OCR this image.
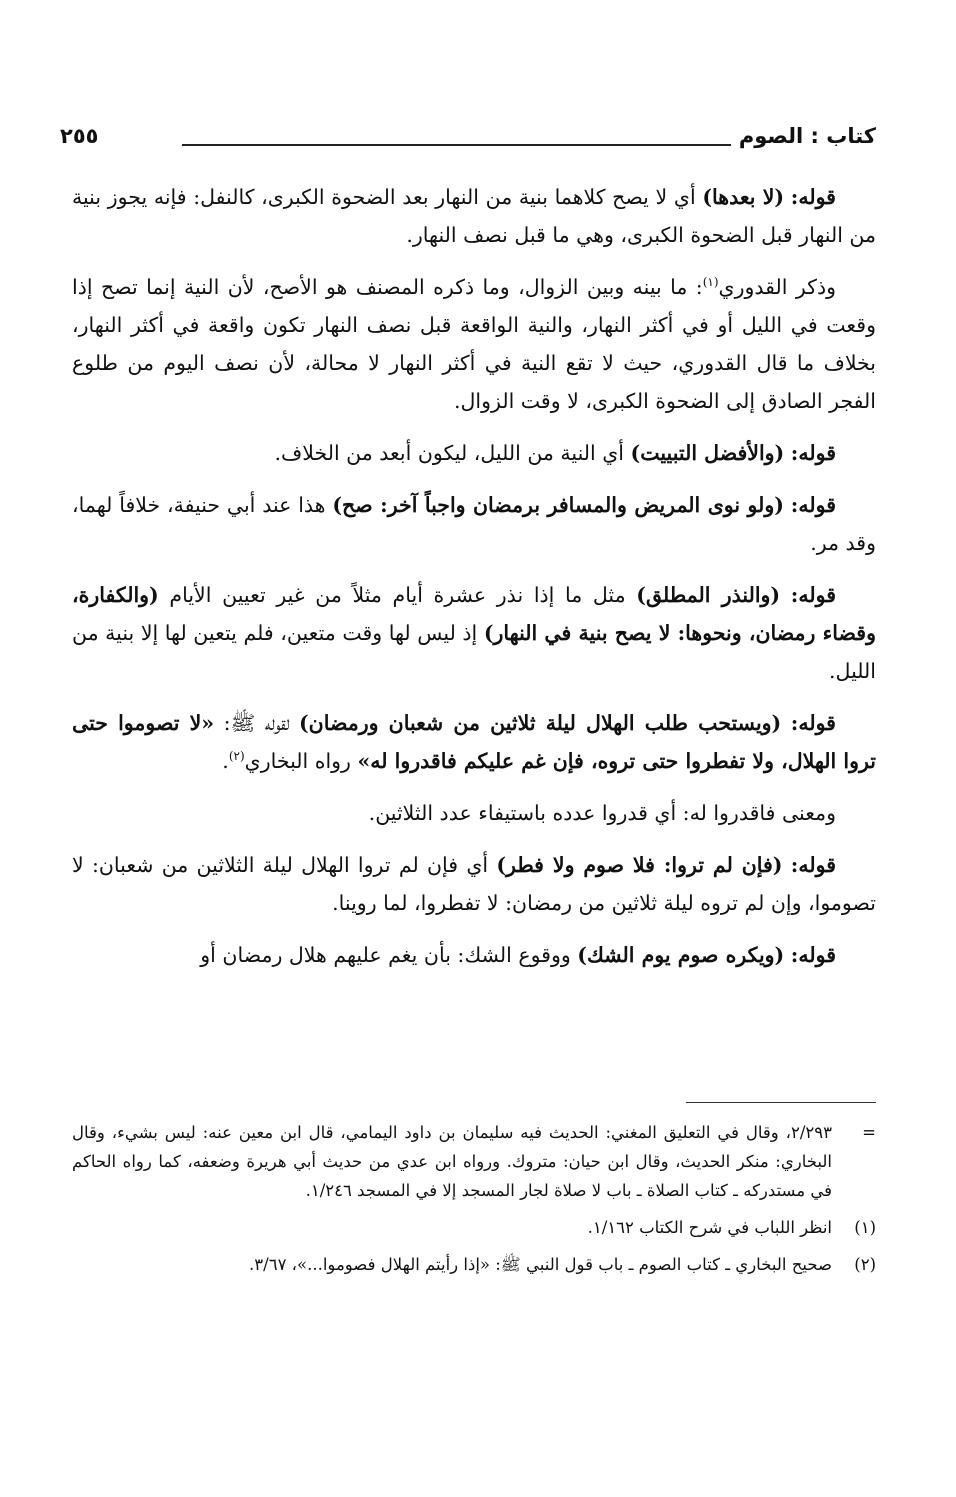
كتاب : الصوم
٢٥٥

قوله: (لا بعدها) أي لا يصح كلاهما بنية من النهار بعد الضحوة الكبرى، كالنفل: فإنه يجوز بنية من النهار قبل الضحوة الكبرى، وهي ما قبل نصف النهار.

وذكر القدوري$^{(١)}$: ما بينه وبين الزوال، وما ذكره المصنف هو الأصح، لأن النية إنما تصح إذا وقعت في الليل أو في أكثر النهار، والنية الواقعة قبل نصف النهار تكون واقعة في أكثر النهار، بخلاف ما قال القدوري، حيث لا تقع النية في أكثر النهار لا محالة، لأن نصف اليوم من طلوع الفجر الصادق إلى الضحوة الكبرى، لا وقت الزوال.

قوله: (والأفضل التبييت) أي النية من الليل، ليكون أبعد من الخلاف.

قوله: (ولو نوى المريض والمسافر برمضان واجباً آخر: صح) هذا عند أبي حنيفة، خلافاً لهما، وقد مر.

قوله: (والنذر المطلق) مثل ما إذا نذر عشرة أيام مثلاً من غير تعيين الأيام (والكفارة، وقضاء رمضان، ونحوها: لا يصح بنية في النهار) إذ ليس لها وقت متعين، فلم يتعين لها إلا بنية من الليل.

قوله: (ويستحب طلب الهلال ليلة ثلاثين من شعبان ورمضان) لقوله ﷺ: «لا تصوموا حتى تروا الهلال، ولا تفطروا حتى تروه، فإن غم عليكم فاقدروا له» رواه البخاري$^{(٢)}$.

ومعنى فاقدروا له: أي قدروا عدده باستيفاء عدد الثلاثين.

قوله: (فإن لم تروا: فلا صوم ولا فطر) أي فإن لم تروا الهلال ليلة الثلاثين من شعبان: لا تصوموا، وإن لم تروه ليلة ثلاثين من رمضان: لا تفطروا، لما روينا.

قوله: (ويكره صوم يوم الشك) ووقوع الشك: بأن يغم عليهم هلال رمضان أو

=
٢/٢٩٣، وقال في التعليق المغني: الحديث فيه سليمان بن داود اليمامي، قال ابن معين عنه: ليس بشيء، وقال البخاري: منكر الحديث، وقال ابن حيان: متروك. ورواه ابن عدي من حديث أبي هريرة وضعفه، كما رواه الحاكم في مستدركه ـ كتاب الصلاة ـ باب لا صلاة لجار المسجد إلا في المسجد ١/٢٤٦.
(١)
انظر اللباب في شرح الكتاب ١/١٦٢.
(٢)
صحيح البخاري ـ كتاب الصوم ـ باب قول النبي ﷺ: «إذا رأيتم الهلال فصوموا...»، ٣/٦٧.
